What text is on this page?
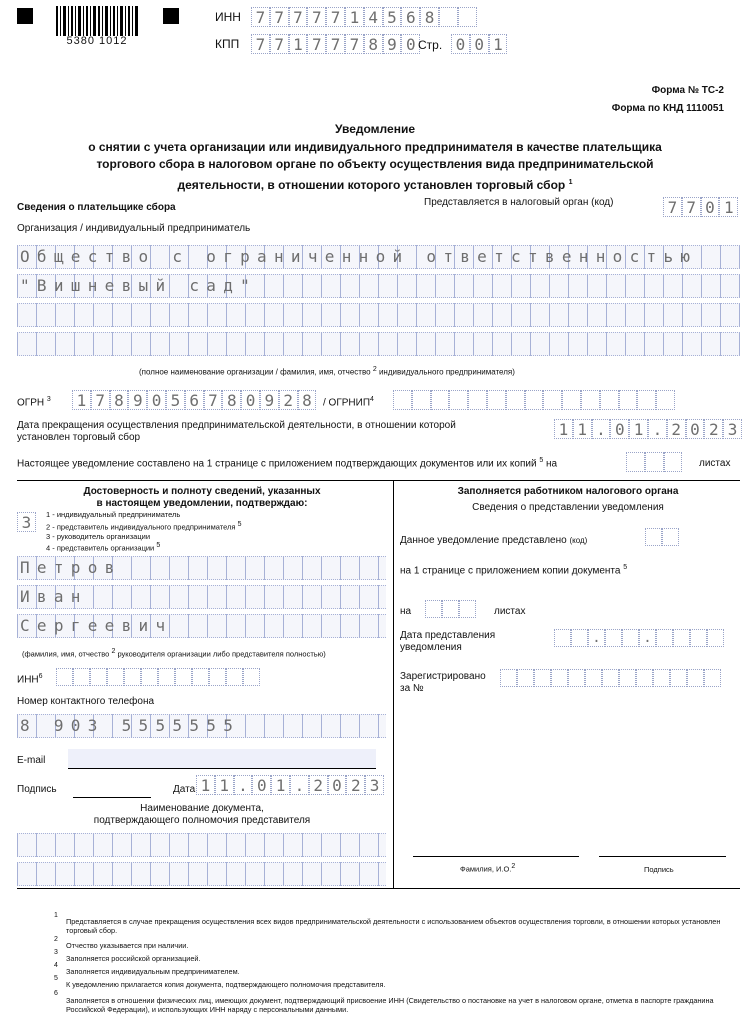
5380 1012
ИНН 7 7 7 7 7 1 4 5 6 8
КПП 7 7 1 7 7 7 8 9 0 Стр. 0 0 1
Форма № ТС-2
Форма по КНД 1110051
Уведомление
о снятии с учета организации или индивидуального предпринимателя в качестве плательщика
торгового сбора в налоговом органе по объекту осуществления вида предпринимательской
деятельности, в отношении которого установлен торговый сбор $^1$
Сведения о плательщике сбора	Представляется в налоговый орган (код)	7 7 0 1
Организация / индивидуальный предприниматель
Общество с ограниченной ответственностью
"Вишневый сад"
(полное наименование организации / фамилия, имя, отчество 2 индивидуального предпринимателя)
ОГРН $^3$ 1 7 8 9 0 5 6 7 8 0 9 2 8	/ ОГРНИП$^4$
Дата прекращения осуществления предпринимательской деятельности, в отношении которой
установлен торговый сбор	1 1 . 0 1 . 2 0 2 3
Настоящее уведомление составлено на 1 странице с приложением подтверждающих документов или их копий $^5$ на	листах
Достоверность и полноту сведений, указанных
в настоящем уведомлении, подтверждаю:
3	1 - индивидуальный предприниматель
2 - представитель индивидуального предпринимателя 5
3 - руководитель организации
4 - представитель организации 5
Петров
Иван
Сергеевич
(фамилия, имя, отчество 2 руководителя организации либо представителя полностью)
ИНН$^6$
Номер контактного телефона
8 903 5555555
E-mail
Подпись	Дата 1 1 . 0 1 . 2 0 2 3
Наименование документа,
подтверждающего полномочия представителя
Заполняется работником налогового органа
Сведения о представлении уведомления
Данное уведомление представлено (код)
на 1 странице с приложением копии документа $^5$
на	листах
Дата представления
уведомления
.	.
Зарегистрировано
за №
Фамилия, И.О.2	Подпись
1
Представляется в случае прекращения осуществления всех видов предпринимательской деятельности с использованием объектов осуществления торговли, в отношении которых установлен торговый сбор.
2
Отчество указывается при наличии.
3
Заполняется российской организацией.
4
Заполняется индивидуальным предпринимателем.
5
К уведомлению прилагается копия документа, подтверждающего полномочия представителя.
6
Заполняется в отношении физических лиц, имеющих документ, подтверждающий присвоение ИНН (Свидетельство о постановке на учет в налоговом органе, отметка в паспорте гражданина Российской Федерации), и использующих ИНН наряду с персональными данными.
